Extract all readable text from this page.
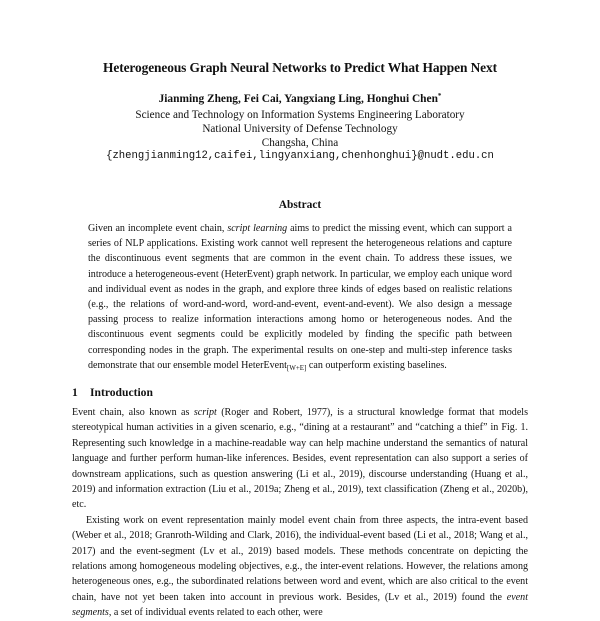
Heterogeneous Graph Neural Networks to Predict What Happen Next
Jianming Zheng, Fei Cai, Yangxiang Ling, Honghui Chen*
Science and Technology on Information Systems Engineering Laboratory
National University of Defense Technology
Changsha, China
{zhengjianming12,caifei,lingyanxiang,chenhonghui}@nudt.edu.cn
Abstract

Given an incomplete event chain, script learning aims to predict the missing event, which can support a series of NLP applications. Existing work cannot well represent the heterogeneous relations and capture the discontinuous event segments that are common in the event chain. To address these issues, we introduce a heterogeneous-event (HeterEvent) graph network. In particular, we employ each unique word and individual event as nodes in the graph, and explore three kinds of edges based on realistic relations (e.g., the relations of word-and-word, word-and-event, event-and-event). We also design a message passing process to realize information interactions among homo or heterogeneous nodes. And the discontinuous event segments could be explicitly modeled by finding the specific path between corresponding nodes in the graph. The experimental results on one-step and multi-step inference tasks demonstrate that our ensemble model HeterEvent$_{[W+E]}$ can outperform existing baselines.

1 Introduction

Event chain, also known as script (Roger and Robert, 1977), is a structural knowledge format that models stereotypical human activities in a given scenario, e.g., “dining at a restaurant” and “catching a thief” in Fig. 1. Representing such knowledge in a machine-readable way can help machine understand the semantics of natural language and further perform human-like inferences. Besides, event representation can also support a series of downstream applications, such as question answering (Li et al., 2019), discourse understanding (Huang et al., 2019) and information extraction (Liu et al., 2019a; Zheng et al., 2019), text classification (Zheng et al., 2020b), etc.

Existing work on event representation mainly model event chain from three aspects, the intra-event based (Weber et al., 2018; Granroth-Wilding and Clark, 2016), the individual-event based (Li et al., 2018; Wang et al., 2017) and the event-segment (Lv et al., 2019) based models. These methods concentrate on depicting the relations among homogeneous modeling objectives, e.g., the inter-event relations. However, the relations among heterogeneous ones, e.g., the subordinated relations between word and event, which are also critical to the event chain, have not yet been taken into account in previous work. Besides, (Lv et al., 2019) found the event segments, a set of individual events related to each other, were
